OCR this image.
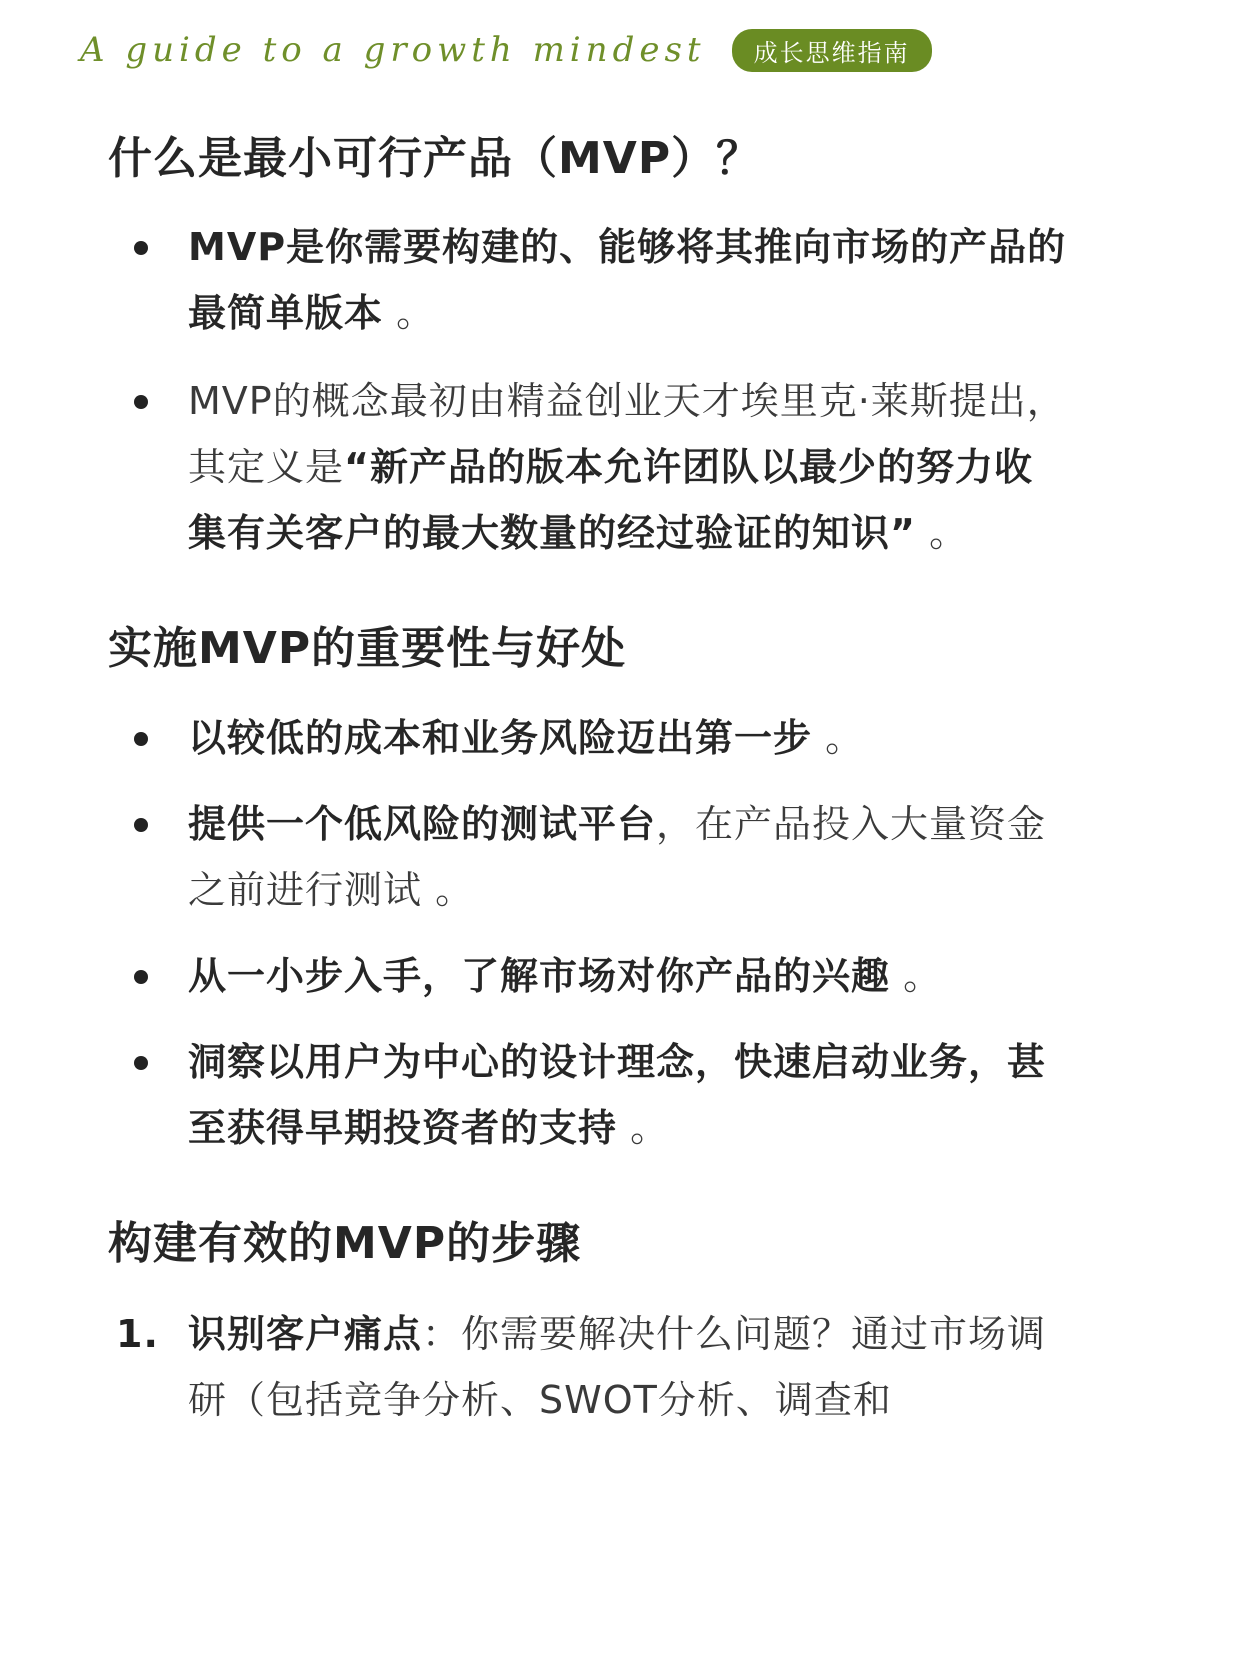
A guide to a growth mindest	成长思维指南
什么是最小可行产品（MVP）？
MVP是你需要构建的、能够将其推向市场的产品的最简单版本 。
MVP的概念最初由精益创业天才埃里克·莱斯提出，其定义是“新产品的版本允许团队以最少的努力收集有关客户的最大数量的经过验证的知识” 。
实施MVP的重要性与好处
以较低的成本和业务风险迈出第一步 。
提供一个低风险的测试平台，在产品投入大量资金之前进行测试 。
从一小步入手，了解市场对你产品的兴趣 。
洞察以用户为中心的设计理念，快速启动业务，甚至获得早期投资者的支持 。
构建有效的MVP的步骤
1. 识别客户痛点：你需要解决什么问题？通过市场调研（包括竞争分析、SWOT分析、调查和
